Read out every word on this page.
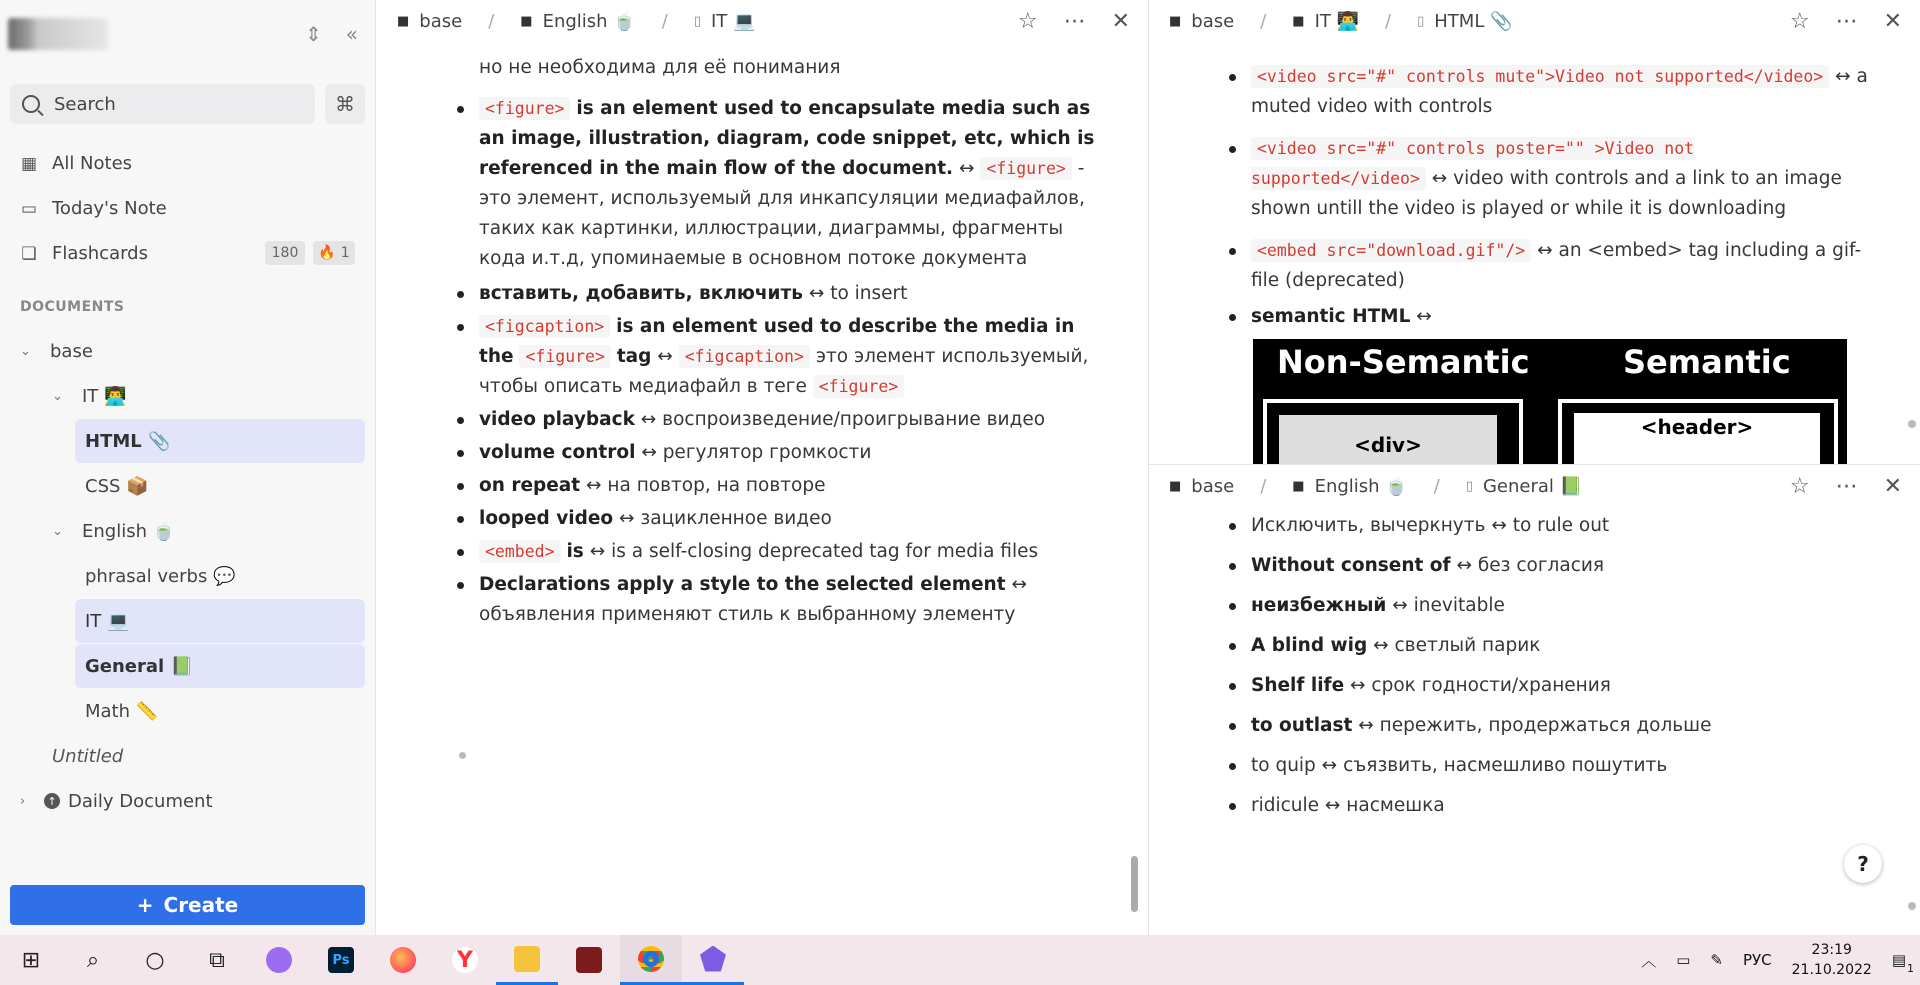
⇕ «
Search	⌘
▦ All Notes
▭ Today's Note
❏ Flashcards	180	🔥 1
DOCUMENTS
⌄	base
⌄	IT 👨‍💻
HTML 📎
CSS 📦
⌄	English 🍵
phrasal verbs 💬
IT 💻
General 📗
Math 📏
Untitled
›	↑ Daily Document
+ Create
■ base / ■ English 🍵 / ▯ IT 💻	☆ ⋯ ✕
но не необходима для её понимания
<figure> is an element used to encapsulate media such as an image, illustration, diagram, code snippet, etc, which is referenced in the main flow of the document. ↔ <figure> - это элемент, используемый для инкапсуляции медиафайлов, таких как картинки, иллюстрации, диаграммы, фрагменты кода и.т.д, упоминаемые в основном потоке документа
вставить, добавить, включить ↔ to insert
<figcaption> is an element used to describe the media in the <figure> tag ↔ <figcaption> это элемент используемый, чтобы описать медиафайл в теге <figure>
video playback ↔ воспроизведение/проигрывание видео
volume control ↔ регулятор громкости
on repeat ↔ на повтор, на повторе
looped video ↔ зацикленное видео
<embed> is ↔ is a self-closing deprecated tag for media files
Declarations apply a style to the selected element ↔ объявления применяют стиль к выбранному элементу
■ base / ■ IT 👨‍💻 / ▯ HTML 📎	☆ ⋯ ✕
<video src="#" controls mute">Video not supported</video> ↔ a muted video with controls
<video src="#" controls poster="" >Video not supported</video> ↔ video with controls and a link to an image shown untill the video is played or while it is downloading
<embed src="download.gif"/> ↔ an <embed> tag including a gif-file (deprecated)
semantic HTML ↔
Non-Semantic	Semantic
<div>
<header>
■ base / ■ English 🍵 / ▯ General 📗	☆ ⋯ ✕
Исключить, вычеркнуть ↔ to rule out
Without consent of ↔ без согласия
неизбежный ↔ inevitable
A blind wig ↔ светлый парик
Shelf life ↔ срок годности/хранения
to outlast ↔ пережить, продержаться дольше
to quip ↔ съязвить, насмешливо пошутить
ridicule ↔ насмешка
?
⊞	⌕	○	⧉	Ps	Y	︿ ▭ ✎ РУС
23:19
21.10.2022
▤ 1
